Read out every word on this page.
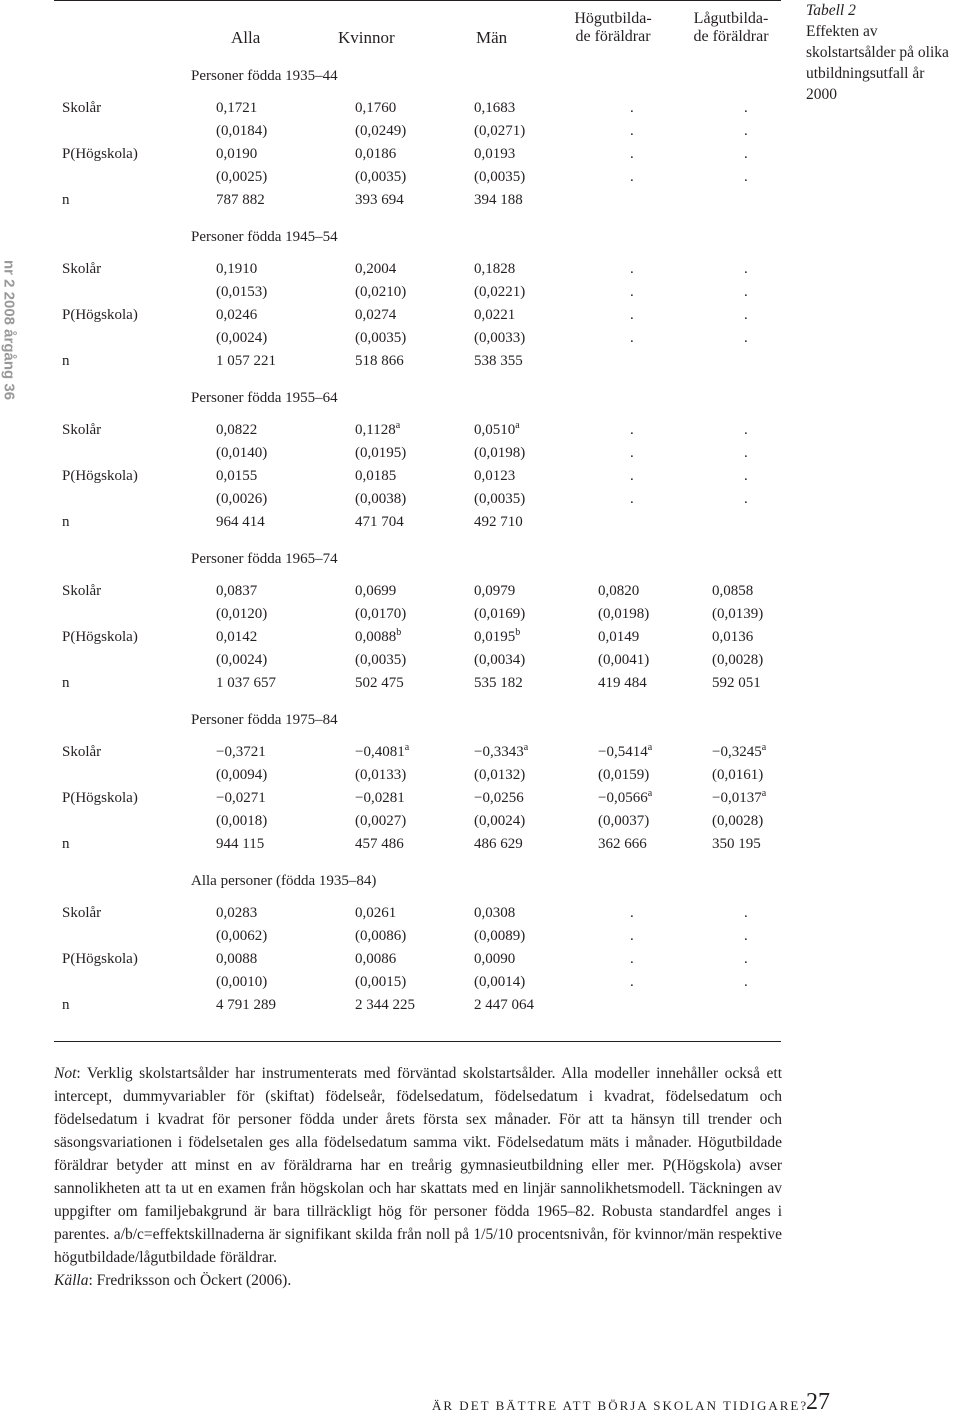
Alla	Kvinnor	Män
Högutbilda-
de föräldrar
Lågutbilda-
de föräldrar
Personer födda 1935–44
Skolår	0,1721	0,1760	0,1683	.	.
(0,0184)	(0,0249)	(0,0271)	.	.
P(Högskola)	0,0190	0,0186	0,0193	.	.
(0,0025)	(0,0035)	(0,0035)	.	.
n	787 882	393 694	394 188
Personer födda 1945–54
Skolår	0,1910	0,2004	0,1828	.	.
(0,0153)	(0,0210)	(0,0221)	.	.
P(Högskola)	0,0246	0,0274	0,0221	.	.
(0,0024)	(0,0035)	(0,0033)	.	.
n	1 057 221	518 866	538 355
Personer födda 1955–64
Skolår	0,0822	0,1128$^a$	0,0510$^a$	.	.
(0,0140)	(0,0195)	(0,0198)	.	.
P(Högskola)	0,0155	0,0185	0,0123	.	.
(0,0026)	(0,0038)	(0,0035)	.	.
n	964 414	471 704	492 710
Personer födda 1965–74
Skolår	0,0837	0,0699	0,0979	0,0820	0,0858
(0,0120)	(0,0170)	(0,0169)	(0,0198)	(0,0139)
P(Högskola)	0,0142	0,0088$^b$	0,0195$^b$	0,0149	0,0136
(0,0024)	(0,0035)	(0,0034)	(0,0041)	(0,0028)
n	1 037 657	502 475	535 182	419 484	592 051
Personer födda 1975–84
Skolår	−0,3721	−0,4081$^a$	−0,3343$^a$	−0,5414$^a$	−0,3245$^a$
(0,0094)	(0,0133)	(0,0132)	(0,0159)	(0,0161)
P(Högskola)	−0,0271	−0,0281	−0,0256	−0,0566$^a$	−0,0137$^a$
(0,0018)	(0,0027)	(0,0024)	(0,0037)	(0,0028)
n	944 115	457 486	486 629	362 666	350 195
Alla personer (födda 1935–84)
Skolår	0,0283	0,0261	0,0308	.	.
(0,0062)	(0,0086)	(0,0089)	.	.
P(Högskola)	0,0088	0,0086	0,0090	.	.
(0,0010)	(0,0015)	(0,0014)	.	.
n	4 791 289	2 344 225	2 447 064
Tabell 2
Effekten av skolstartsålder på olika utbildningsutfall år 2000
nr 2 2008 årgång 36
Not: Verklig skolstartsålder har instrumenterats med förväntad skolstartsålder. Alla modeller innehåller också ett intercept, dummyvariabler för (skiftat) födelseår, födelsedatum, födelsedatum i kvadrat, födelsedatum och födelsedatum i kvadrat för personer födda under årets första sex månader. För att ta hänsyn till trender och säsongsvariationen i födelsetalen ges alla födelsedatum samma vikt. Födelsedatum mäts i månader. Högutbildade föräldrar betyder att minst en av föräldrarna har en treårig gymnasieutbildning eller mer. P(Högskola) avser sannolikheten att ta ut en examen från högskolan och har skattats med en linjär sannolikhetsmodell. Täckningen av uppgifter om familjebakgrund är bara tillräckligt hög för personer födda 1965–82. Robusta standardfel anges i parentes. a/b/c=effektskillnaderna är signifikant skilda från noll på 1/5/10 procentsnivån, för kvinnor/män respektive högutbildade/lågutbildade föräldrar.
Källa: Fredriksson och Öckert (2006).
ÄR DET BÄTTRE ATT BÖRJA SKOLAN TIDIGARE?
27
